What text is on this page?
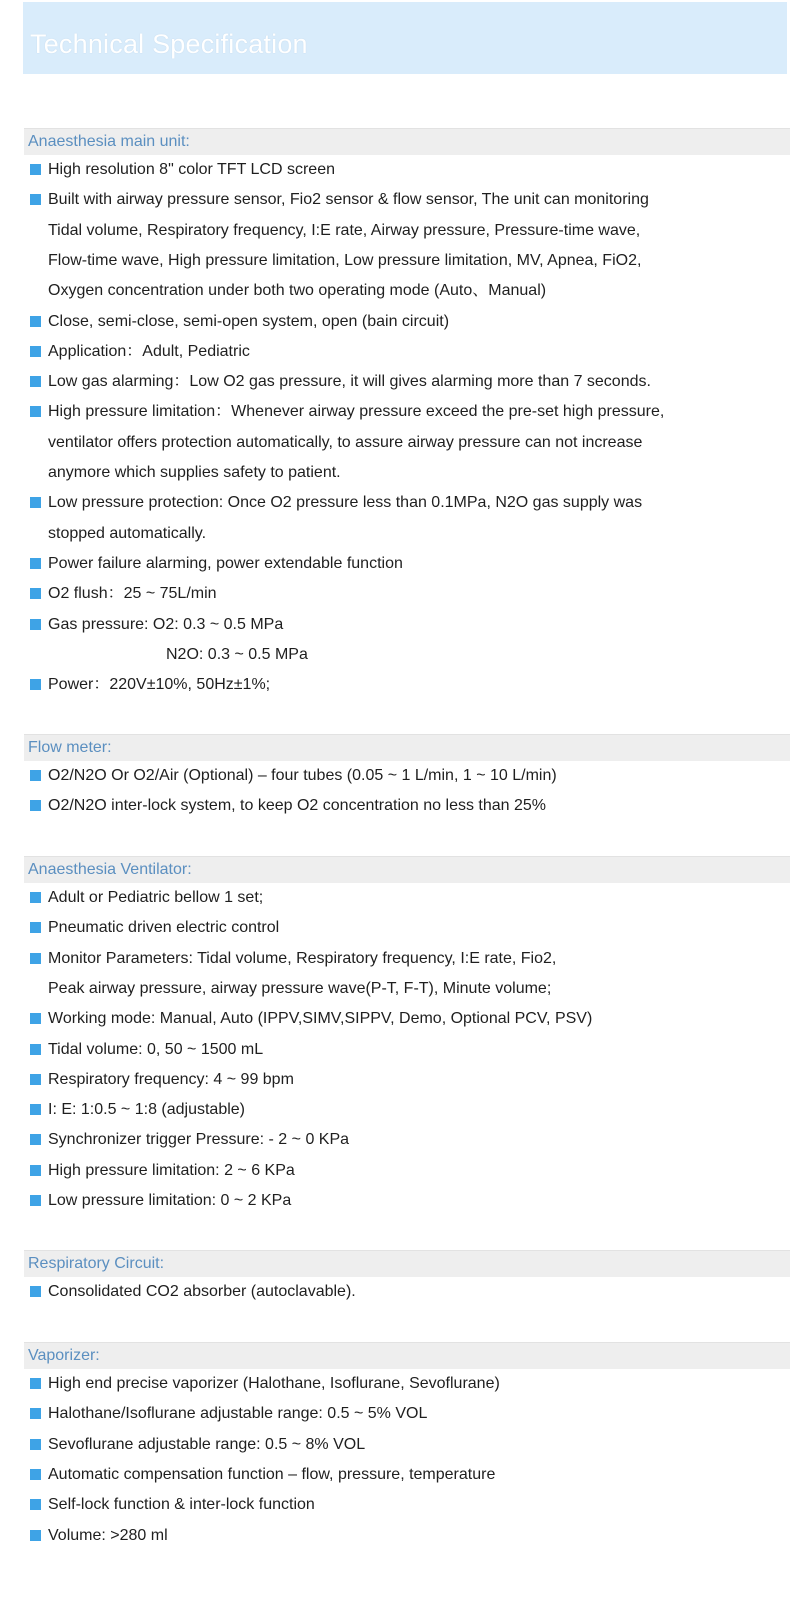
Technical Specification
Anaesthesia main unit:
High resolution 8" color TFT LCD screen
Built with airway pressure sensor, Fio2 sensor & flow sensor, The unit can monitoring
Tidal volume, Respiratory frequency, I:E rate, Airway pressure, Pressure-time wave,
Flow-time wave, High pressure limitation, Low pressure limitation, MV, Apnea, FiO2,
Oxygen concentration under both two operating mode (Auto、Manual)
Close, semi-close, semi-open system, open (bain circuit)
Application：Adult, Pediatric
Low gas alarming：Low O2 gas pressure, it will gives alarming more than 7 seconds.
High pressure limitation：Whenever airway pressure exceed the pre-set high pressure,
ventilator offers protection automatically, to assure airway pressure can not increase
anymore which supplies safety to patient.
Low pressure protection: Once O2 pressure less than 0.1MPa, N2O gas supply was
stopped automatically.
Power failure alarming, power extendable function
O2 flush：25 ~ 75L/min
Gas pressure: O2: 0.3 ~ 0.5 MPa
N2O: 0.3 ~ 0.5 MPa
Power：220V±10%, 50Hz±1%;
Flow meter:
O2/N2O Or O2/Air (Optional) – four tubes (0.05 ~ 1 L/min, 1 ~ 10 L/min)
O2/N2O inter-lock system, to keep O2 concentration no less than 25%
Anaesthesia Ventilator:
Adult or Pediatric bellow 1 set;
Pneumatic driven electric control
Monitor Parameters: Tidal volume, Respiratory frequency, I:E rate, Fio2,
Peak airway pressure, airway pressure wave(P-T, F-T), Minute volume;
Working mode: Manual, Auto (IPPV,SIMV,SIPPV, Demo, Optional PCV, PSV)
Tidal volume: 0, 50 ~ 1500 mL
Respiratory frequency: 4 ~ 99 bpm
I: E: 1:0.5 ~ 1:8 (adjustable)
Synchronizer trigger Pressure: - 2 ~ 0 KPa
High pressure limitation: 2 ~ 6 KPa
Low pressure limitation: 0 ~ 2 KPa
Respiratory Circuit:
Consolidated CO2 absorber (autoclavable).
Vaporizer:
High end precise vaporizer (Halothane, Isoflurane, Sevoflurane)
Halothane/Isoflurane adjustable range: 0.5 ~ 5% VOL
Sevoflurane adjustable range: 0.5 ~ 8% VOL
Automatic compensation function – flow, pressure, temperature
Self-lock function & inter-lock function
Volume: >280 ml
